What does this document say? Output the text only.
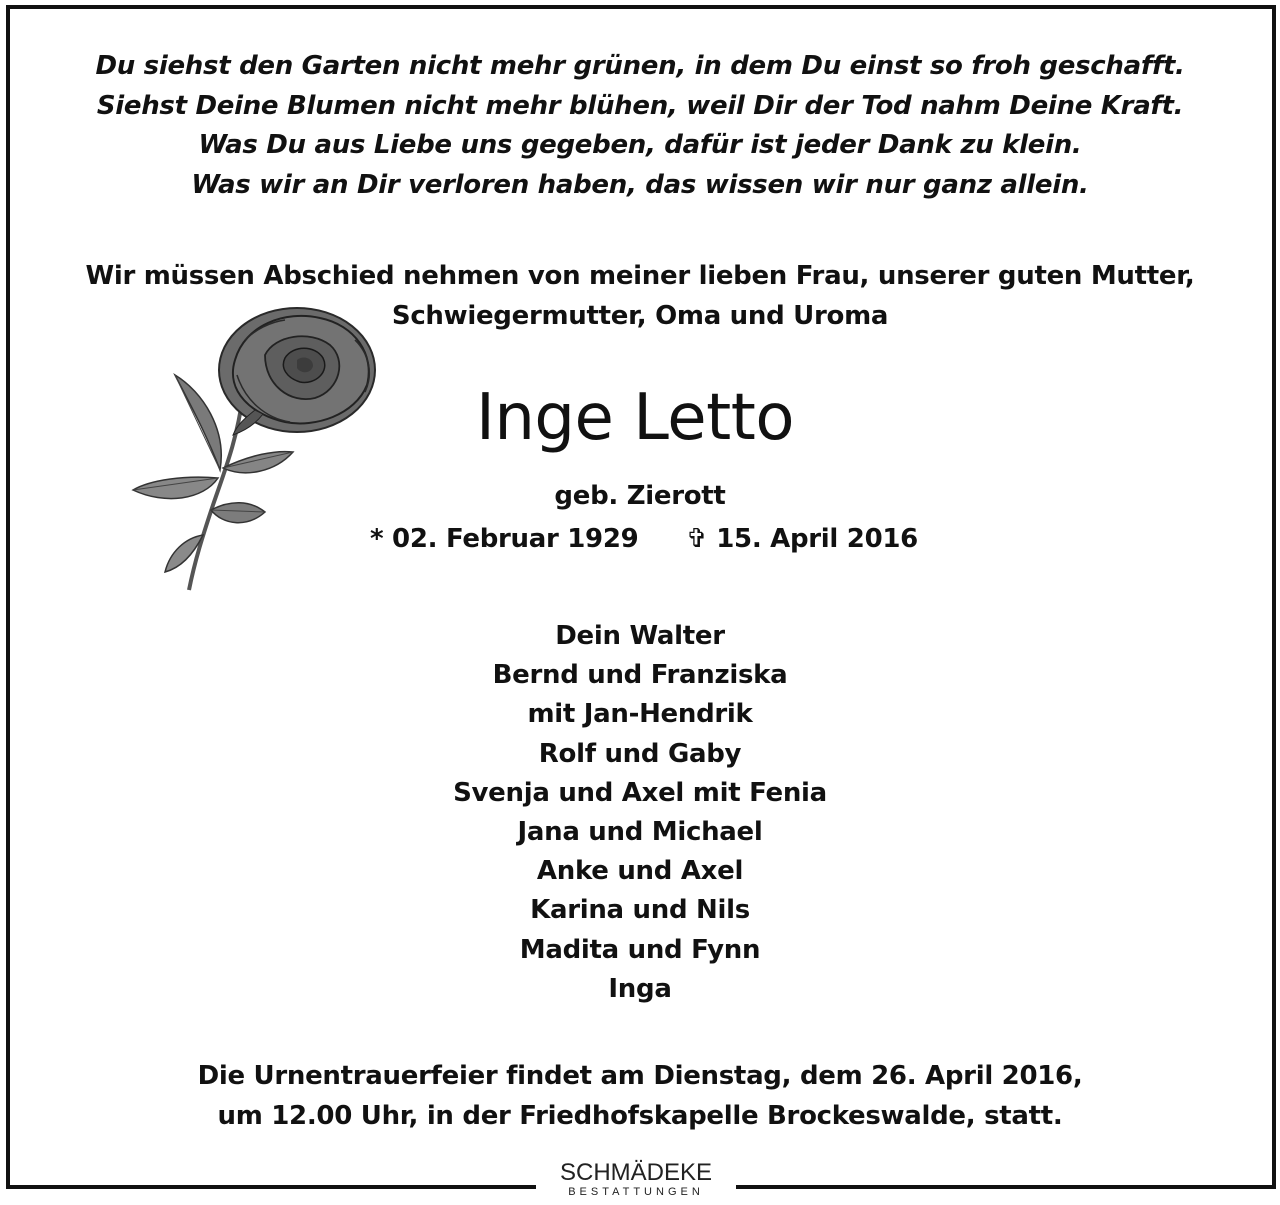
Du siehst den Garten nicht mehr grünen, in dem Du einst so froh geschafft.
Siehst Deine Blumen nicht mehr blühen, weil Dir der Tod nahm Deine Kraft.
Was Du aus Liebe uns gegeben, dafür ist jeder Dank zu klein.
Was wir an Dir verloren haben, das wissen wir nur ganz allein.
Wir müssen Abschied nehmen von meiner lieben Frau, unserer guten Mutter,
Schwiegermutter, Oma und Uroma
Inge Letto
geb. Zierott
* 02. Februar 1929 ✞ 15. April 2016
Dein Walter
Bernd und Franziska
mit Jan-Hendrik
Rolf und Gaby
Svenja und Axel mit Fenia
Jana und Michael
Anke und Axel
Karina und Nils
Madita und Fynn
Inga
Die Urnentrauerfeier findet am Dienstag, dem 26. April 2016,
um 12.00 Uhr, in der Friedhofskapelle Brockeswalde, statt.
SCHMÄDEKE
BESTATTUNGEN
